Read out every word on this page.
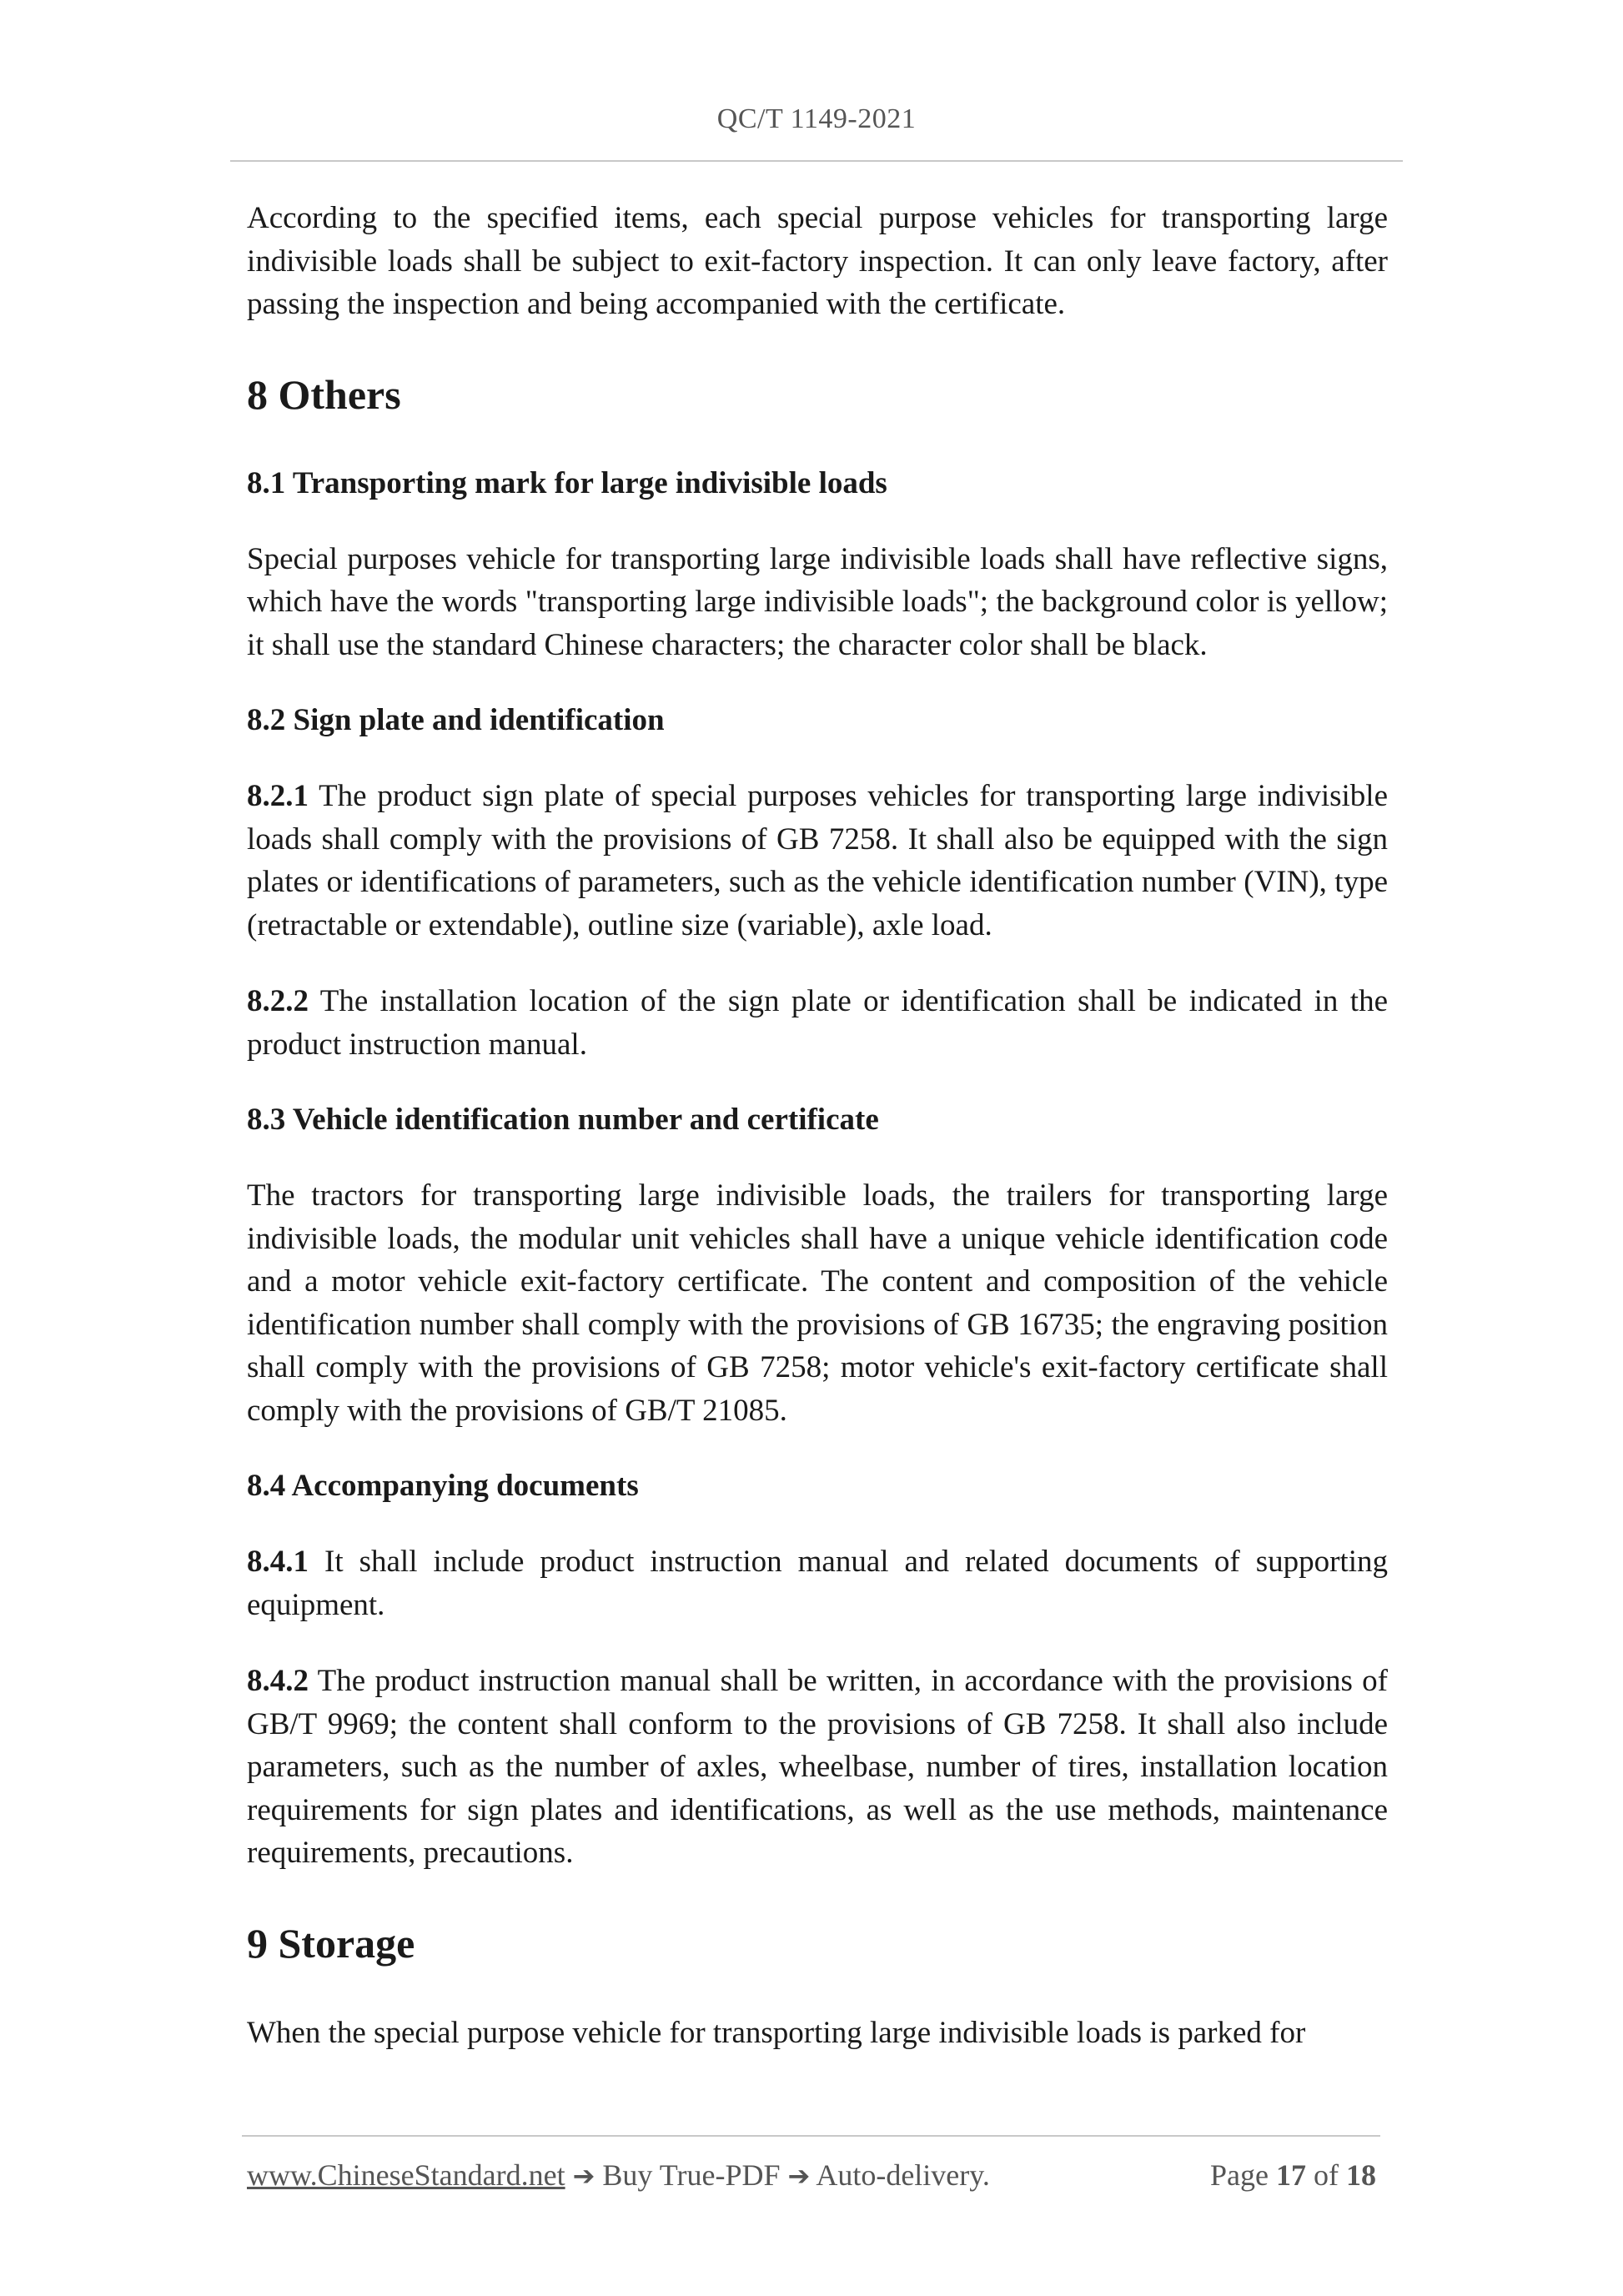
QC/T 1149-2021

According to the specified items, each special purpose vehicles for transporting large indivisible loads shall be subject to exit-factory inspection. It can only leave factory, after passing the inspection and being accompanied with the certificate.

8 Others
8.1 Transporting mark for large indivisible loads

Special purposes vehicle for transporting large indivisible loads shall have reflective signs, which have the words "transporting large indivisible loads"; the background color is yellow; it shall use the standard Chinese characters; the character color shall be black.

8.2 Sign plate and identification

8.2.1 The product sign plate of special purposes vehicles for transporting large indivisible loads shall comply with the provisions of GB 7258. It shall also be equipped with the sign plates or identifications of parameters, such as the vehicle identification number (VIN), type (retractable or extendable), outline size (variable), axle load.

8.2.2 The installation location of the sign plate or identification shall be indicated in the product instruction manual.

8.3 Vehicle identification number and certificate

The tractors for transporting large indivisible loads, the trailers for transporting large indivisible loads, the modular unit vehicles shall have a unique vehicle identification code and a motor vehicle exit-factory certificate. The content and composition of the vehicle identification number shall comply with the provisions of GB 16735; the engraving position shall comply with the provisions of GB 7258; motor vehicle's exit-factory certificate shall comply with the provisions of GB/T 21085.

8.4 Accompanying documents

8.4.1 It shall include product instruction manual and related documents of supporting equipment.

8.4.2 The product instruction manual shall be written, in accordance with the provisions of GB/T 9969; the content shall conform to the provisions of GB 7258. It shall also include parameters, such as the number of axles, wheelbase, number of tires, installation location requirements for sign plates and identifications, as well as the use methods, maintenance requirements, precautions.

9 Storage

When the special purpose vehicle for transporting large indivisible loads is parked for

www.ChineseStandard.net ➔ Buy True-PDF ➔ Auto-delivery.	Page 17 of 18
